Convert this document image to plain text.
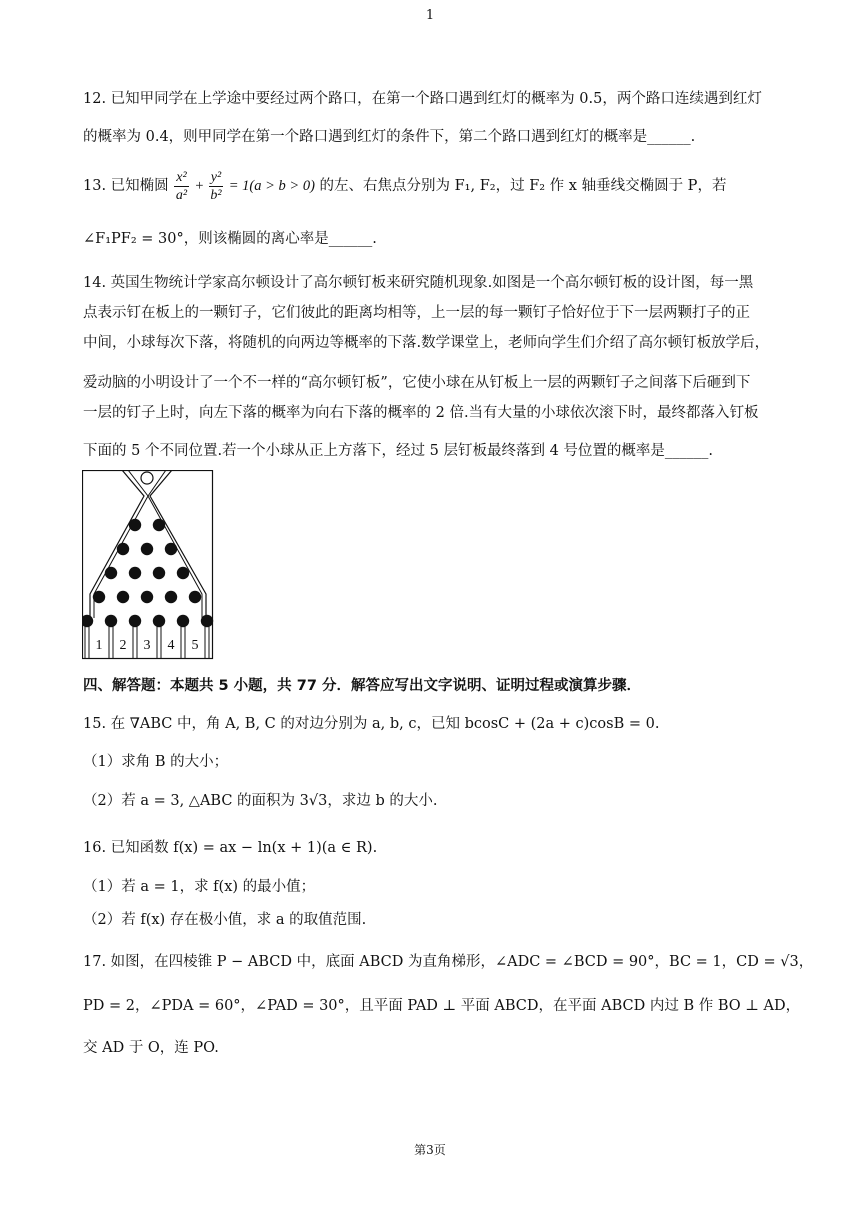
1
12. 已知甲同学在上学途中要经过两个路口，在第一个路口遇到红灯的概率为 0.5，两个路口连续遇到红灯
的概率为 0.4，则甲同学在第一个路口遇到红灯的条件下，第二个路口遇到红灯的概率是______.
13. 已知椭圆 $\frac{\text{x²}}{\text{a²}} + \frac{\text{y²}}{\text{b²}} = 1(a > b > 0)$ 的左、右焦点分别为 F₁, F₂，过 F₂ 作 x 轴垂线交椭圆于 P，若
∠F₁PF₂ = 30°，则该椭圆的离心率是______.
14. 英国生物统计学家高尔顿设计了高尔顿钉板来研究随机现象.如图是一个高尔顿钉板的设计图，每一黑
点表示钉在板上的一颗钉子，它们彼此的距离均相等，上一层的每一颗钉子恰好位于下一层两颗打子的正
中间，小球每次下落，将随机的向两边等概率的下落.数学课堂上，老师向学生们介绍了高尔顿钉板放学后，
爱动脑的小明设计了一个不一样的“高尔顿钉板”，它使小球在从钉板上一层的两颗钉子之间落下后砸到下
一层的钉子上时，向左下落的概率为向右下落的概率的 2 倍.当有大量的小球依次滚下时，最终都落入钉板
下面的 5 个不同位置.若一个小球从正上方落下，经过 5 层钉板最终落到 4 号位置的概率是______.
1 2 3 4 5
四、解答题：本题共 5 小题，共 77 分．解答应写出文字说明、证明过程或演算步骤．
15. 在 ∇ABC 中，角 A, B, C 的对边分别为 a, b, c，已知 bcosC + (2a + c)cosB = 0.
（1）求角 B 的大小；
（2）若 a = 3, △ABC 的面积为 3√3，求边 b 的大小.
16. 已知函数 f(x) = ax − ln(x + 1)(a ∈ R).
（1）若 a = 1，求 f(x) 的最小值；
（2）若 f(x) 存在极小值，求 a 的取值范围.
17. 如图，在四棱锥 P − ABCD 中，底面 ABCD 为直角梯形，∠ADC = ∠BCD = 90°，BC = 1，CD = √3，
PD = 2，∠PDA = 60°，∠PAD = 30°，且平面 PAD ⊥ 平面 ABCD，在平面 ABCD 内过 B 作 BO ⊥ AD，
交 AD 于 O，连 PO.
第3页
